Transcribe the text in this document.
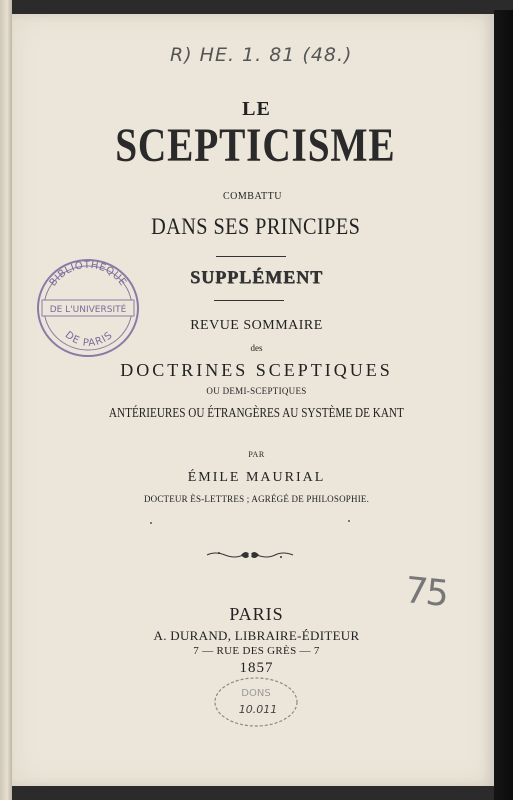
R) HE. 1. 81 (48.)
LE
SCEPTICISME
COMBATTU
DANS SES PRINCIPES
SUPPLÉMENT
REVUE SOMMAIRE
des
DOCTRINES SCEPTIQUES
OU DEMI-SCEPTIQUES
ANTÉRIEURES OU ÉTRANGÈRES AU SYSTÈME DE KANT
PAR
ÉMILE MAURIAL
DOCTEUR ÈS-LETTRES ; AGRÉGÉ DE PHILOSOPHIE.
PARIS
A. DURAND, LIBRAIRE-ÉDITEUR
7 — RUE DES GRÈS — 7
1857
BIBLIOTHÈQUE
DE L'UNIVERSITÉ
DE PARIS
DONS
10.011
75
